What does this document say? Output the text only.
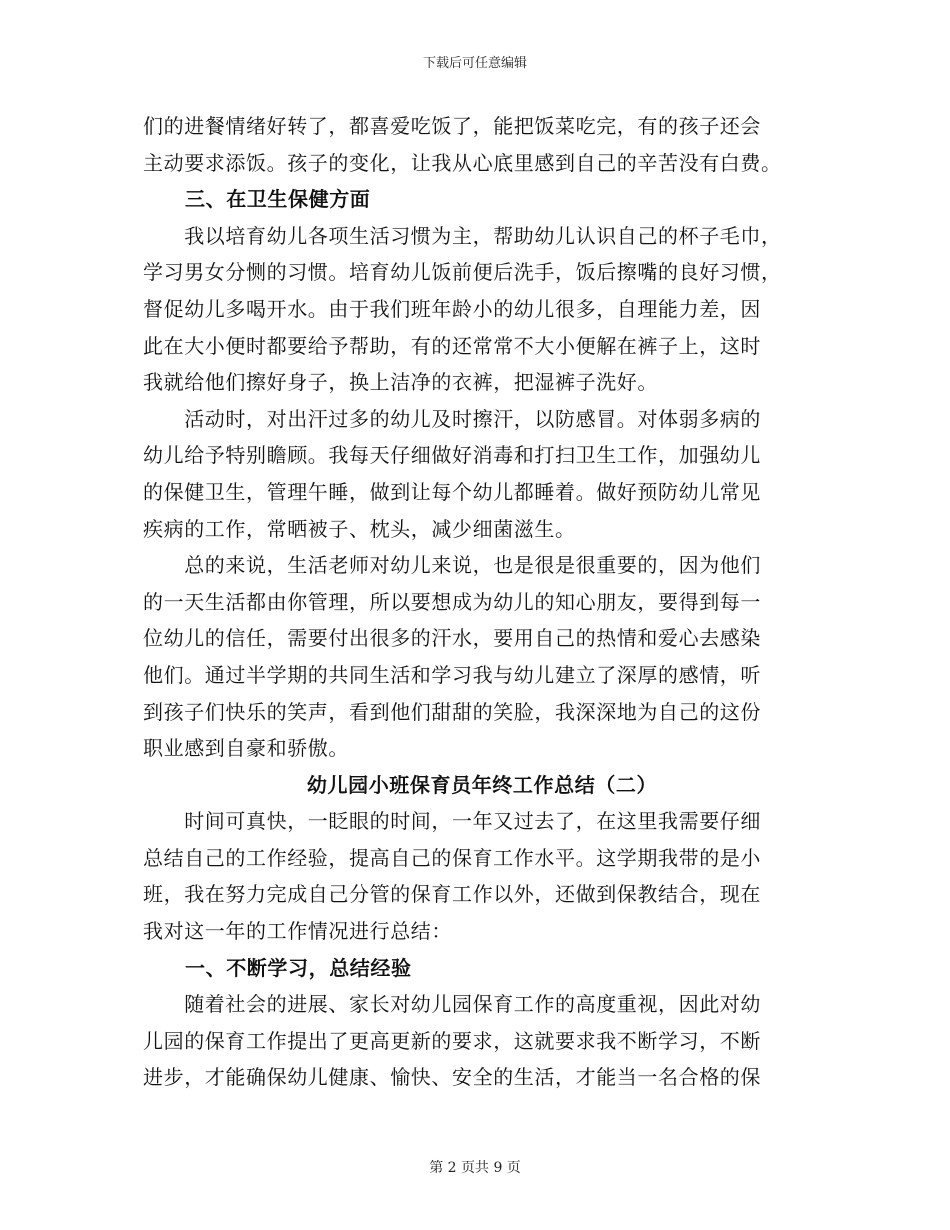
下载后可任意编辑
们的进餐情绪好转了，都喜爱吃饭了，能把饭菜吃完，有的孩子还会
主动要求添饭。孩子的变化，让我从心底里感到自己的辛苦没有白费。
三、在卫生保健方面
　　我以培育幼儿各项生活习惯为主，帮助幼儿认识自己的杯子毛巾，
学习男女分恻的习惯。培育幼儿饭前便后洗手，饭后擦嘴的良好习惯，
督促幼儿多喝开水。由于我们班年龄小的幼儿很多，自理能力差，因
此在大小便时都要给予帮助，有的还常常不大小便解在裤子上，这时
我就给他们擦好身子，换上洁净的衣裤，把湿裤子洗好。
　　活动时，对出汗过多的幼儿及时擦汗，以防感冒。对体弱多病的
幼儿给予特别瞻顾。我每天仔细做好消毒和打扫卫生工作，加强幼儿
的保健卫生，管理午睡，做到让每个幼儿都睡着。做好预防幼儿常见
疾病的工作，常晒被子、枕头，减少细菌滋生。
　　总的来说，生活老师对幼儿来说，也是很是很重要的，因为他们
的一天生活都由你管理，所以要想成为幼儿的知心朋友，要得到每一
位幼儿的信任，需要付出很多的汗水，要用自己的热情和爱心去感染
他们。通过半学期的共同生活和学习我与幼儿建立了深厚的感情，听
到孩子们快乐的笑声，看到他们甜甜的笑脸，我深深地为自己的这份
职业感到自豪和骄傲。
幼儿园小班保育员年终工作总结（二）
　　时间可真快，一眨眼的时间，一年又过去了，在这里我需要仔细
总结自己的工作经验，提高自己的保育工作水平。这学期我带的是小
班，我在努力完成自己分管的保育工作以外，还做到保教结合，现在
我对这一年的工作情况进行总结：
一、不断学习，总结经验
　　随着社会的进展、家长对幼儿园保育工作的高度重视，因此对幼
儿园的保育工作提出了更高更新的要求，这就要求我不断学习，不断
进步，才能确保幼儿健康、愉快、安全的生活，才能当一名合格的保
第 2 页共 9 页
